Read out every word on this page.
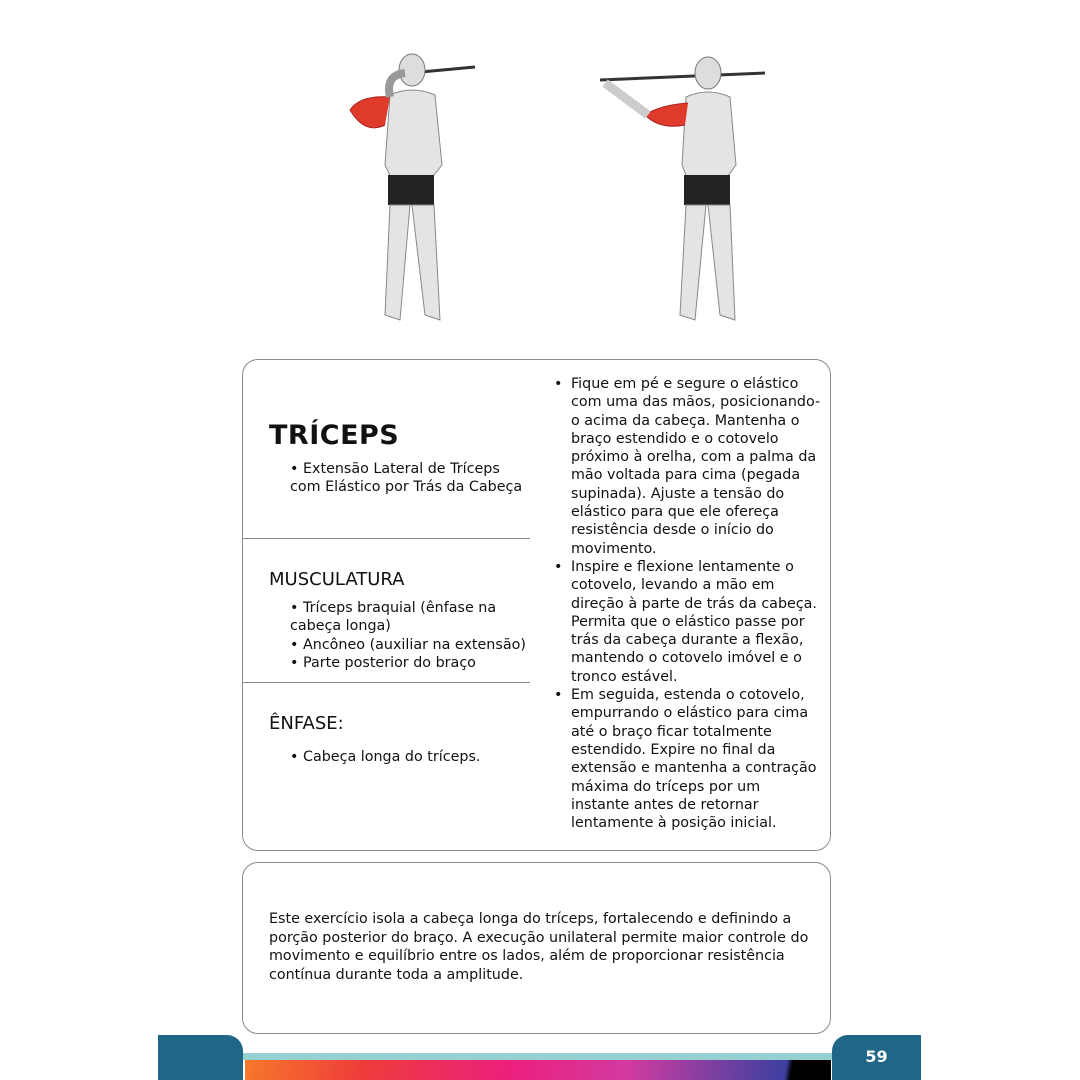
TRÍCEPS
• Extensão Lateral de Tríceps com Elástico por Trás da Cabeça
MUSCULATURA
• Tríceps braquial (ênfase na cabeça longa)
• Ancôneo (auxiliar na extensão)
• Parte posterior do braço
ÊNFASE:
• Cabeça longa do tríceps.
• Fique em pé e segure o elástico com uma das mãos, posicionando-o acima da cabeça. Mantenha o braço estendido e o cotovelo próximo à orelha, com a palma da mão voltada para cima (pegada supinada). Ajuste a tensão do elástico para que ele ofereça resistência desde o início do movimento.
• Inspire e flexione lentamente o cotovelo, levando a mão em direção à parte de trás da cabeça. Permita que o elástico passe por trás da cabeça durante a flexão, mantendo o cotovelo imóvel e o tronco estável.
• Em seguida, estenda o cotovelo, empurrando o elástico para cima até o braço ficar totalmente estendido. Expire no final da extensão e mantenha a contração máxima do tríceps por um instante antes de retornar lentamente à posição inicial.
Este exercício isola a cabeça longa do tríceps, fortalecendo e definindo a porção posterior do braço. A execução unilateral permite maior controle do movimento e equilíbrio entre os lados, além de proporcionar resistência contínua durante toda a amplitude.
59
